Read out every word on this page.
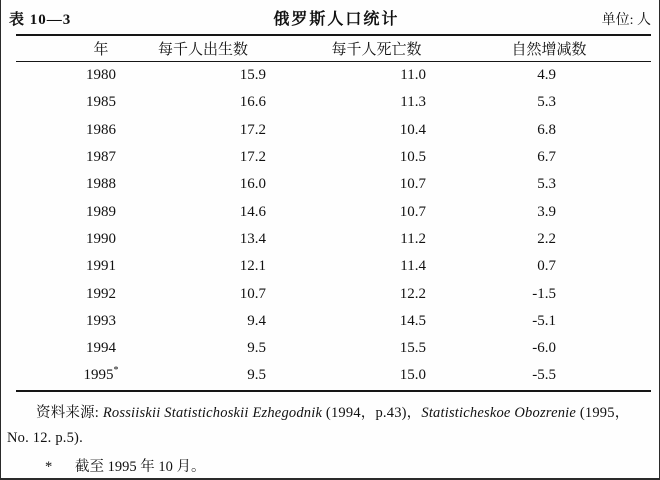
表 10—3	俄罗斯人口统计	单位: 人
年	每千人出生数	每千人死亡数	自然增减数
1980	15.9	11.0	4.9
1985	16.6	11.3	5.3
1986	17.2	10.4	6.8
1987	17.2	10.5	6.7
1988	16.0	10.7	5.3
1989	14.6	10.7	3.9
1990	13.4	11.2	2.2
1991	12.1	11.4	0.7
1992	10.7	12.2	-1.5
1993	9.4	14.5	-5.1
1994	9.5	15.5	-6.0
1995*	9.5	15.0	-5.5
资料来源: Rossiiskii Statistichoskii Ezhegodnik (1994，p.43)，Statisticheskoe Obozrenie (1995，No. 12. p.5).
* 截至 1995 年 10 月。
